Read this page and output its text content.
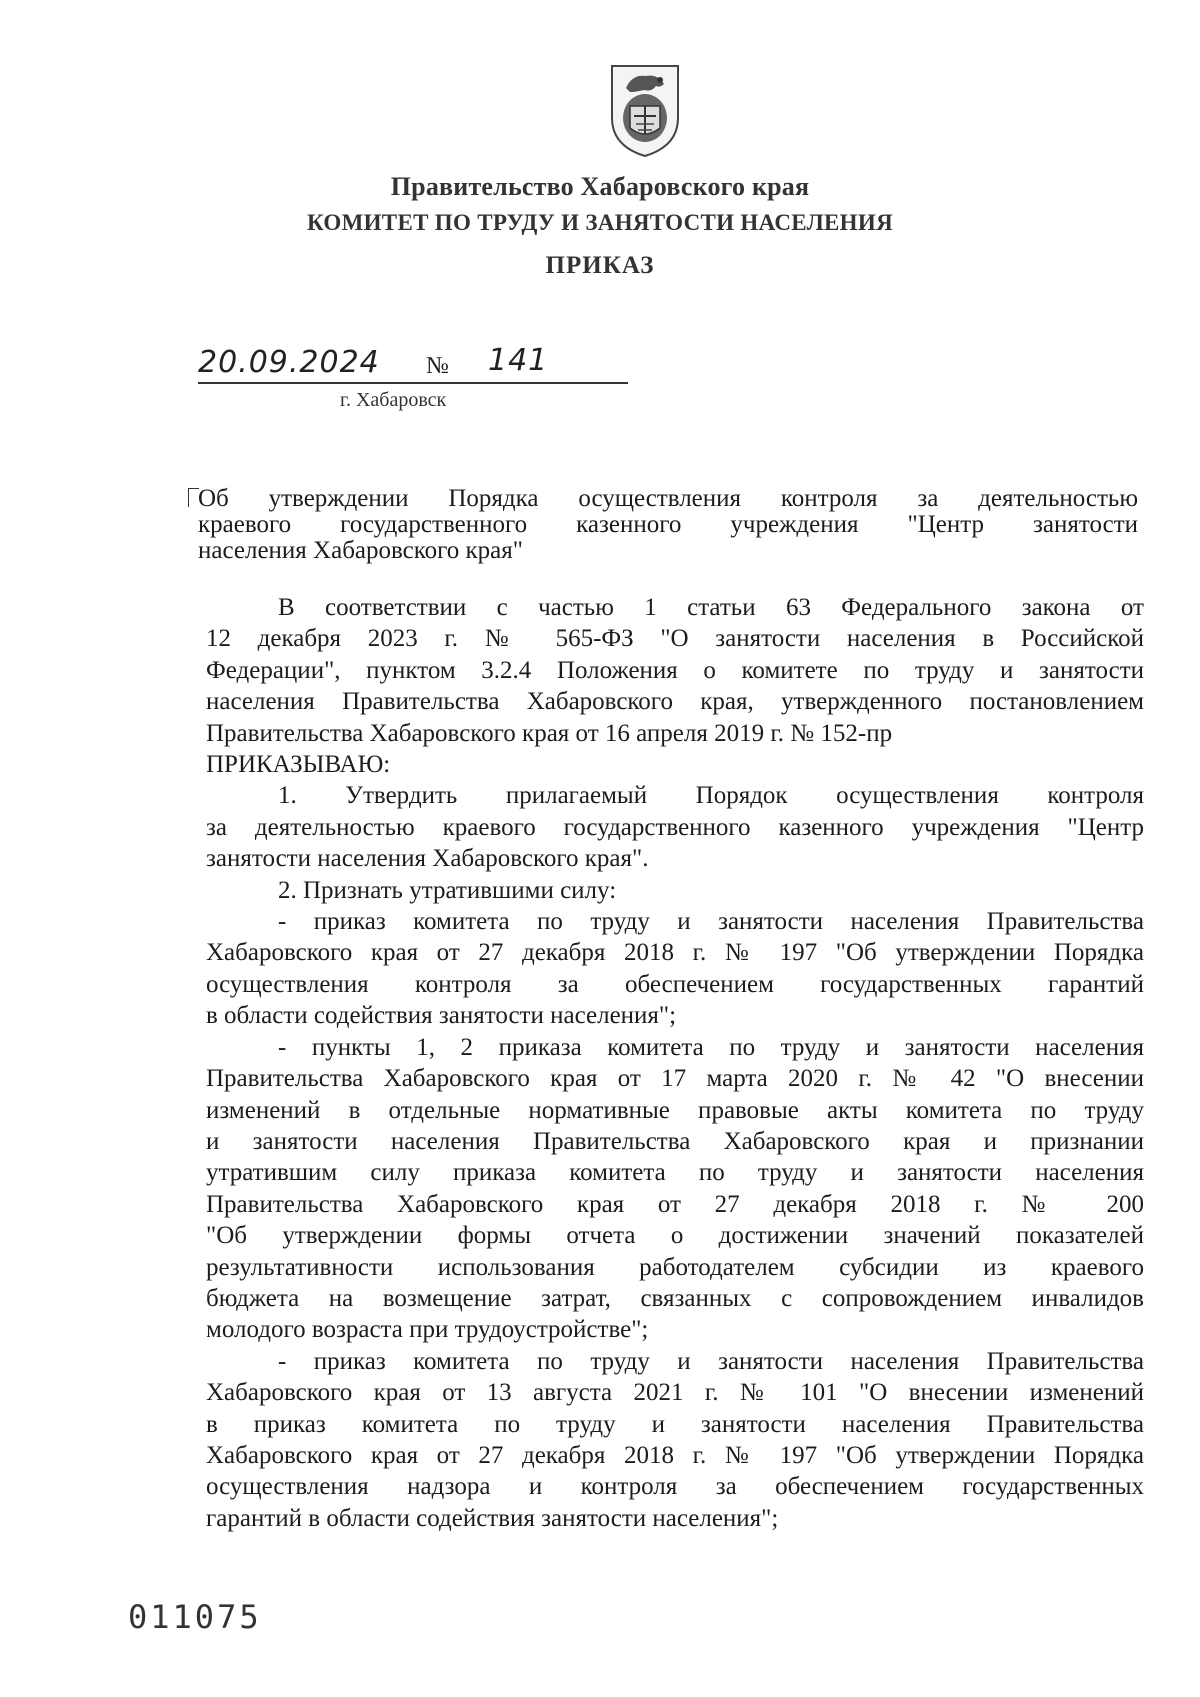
Правительство Хабаровского края
КОМИТЕТ ПО ТРУДУ И ЗАНЯТОСТИ НАСЕЛЕНИЯ
ПРИКАЗ
20.09.2024 № 141
г. Хабаровск
Об утверждении Порядка осуществления контроля за деятельностью
краевого государственного казенного учреждения "Центр занятости
населения Хабаровского края"
В соответствии с частью 1 статьи 63 Федерального закона от
12 декабря 2023 г. № 565-ФЗ "О занятости населения в Российской
Федерации", пунктом 3.2.4 Положения о комитете по труду и занятости
населения Правительства Хабаровского края, утвержденного постановлением
Правительства Хабаровского края от 16 апреля 2019 г. № 152-пр
ПРИКАЗЫВАЮ:
1. Утвердить прилагаемый Порядок осуществления контроля
за деятельностью краевого государственного казенного учреждения "Центр
занятости населения Хабаровского края".
2. Признать утратившими силу:
- приказ комитета по труду и занятости населения Правительства
Хабаровского края от 27 декабря 2018 г. № 197 "Об утверждении Порядка
осуществления контроля за обеспечением государственных гарантий
в области содействия занятости населения";
- пункты 1, 2 приказа комитета по труду и занятости населения
Правительства Хабаровского края от 17 марта 2020 г. № 42 "О внесении
изменений в отдельные нормативные правовые акты комитета по труду
и занятости населения Правительства Хабаровского края и признании
утратившим силу приказа комитета по труду и занятости населения
Правительства Хабаровского края от 27 декабря 2018 г. № 200
"Об утверждении формы отчета о достижении значений показателей
результативности использования работодателем субсидии из краевого
бюджета на возмещение затрат, связанных с сопровождением инвалидов
молодого возраста при трудоустройстве";
- приказ комитета по труду и занятости населения Правительства
Хабаровского края от 13 августа 2021 г. № 101 "О внесении изменений
в приказ комитета по труду и занятости населения Правительства
Хабаровского края от 27 декабря 2018 г. № 197 "Об утверждении Порядка
осуществления надзора и контроля за обеспечением государственных
гарантий в области содействия занятости населения";
011075
